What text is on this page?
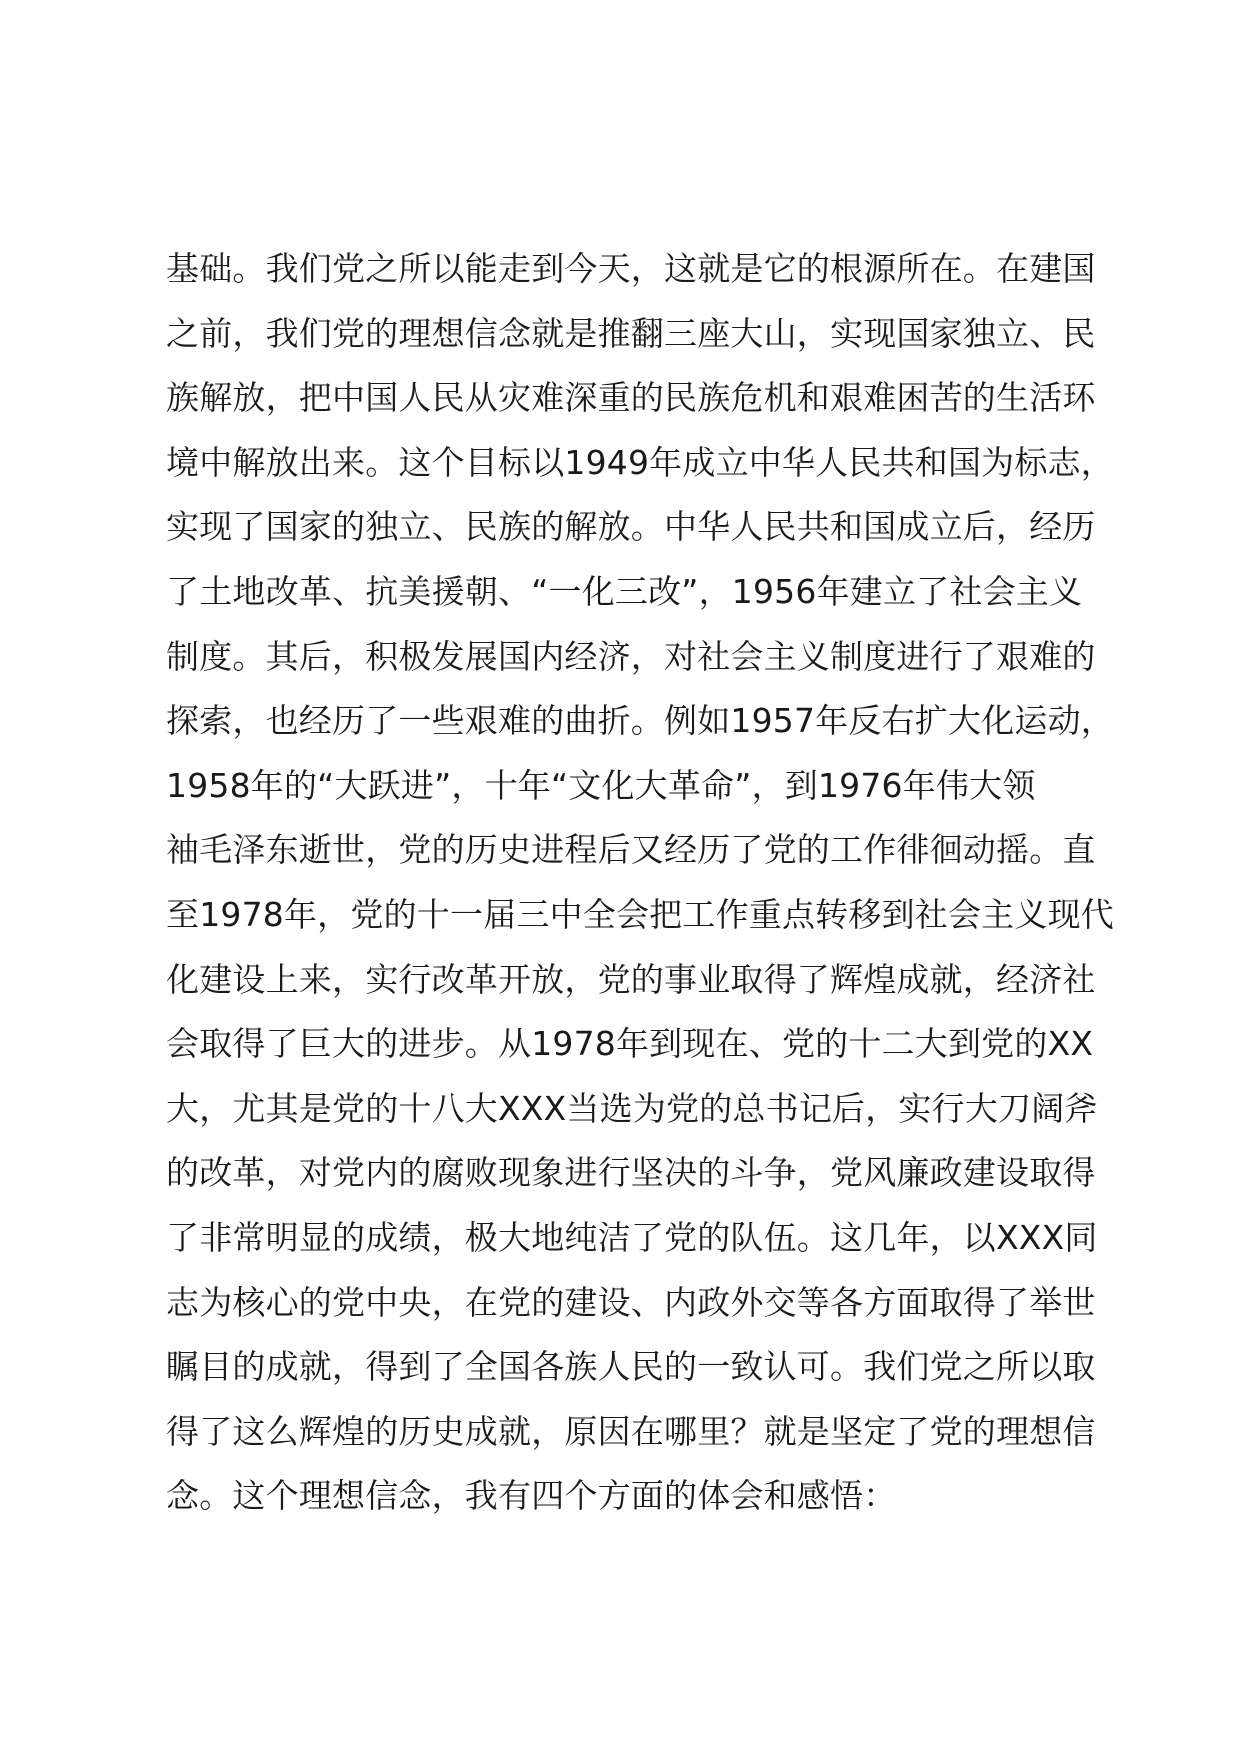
基础。我们党之所以能走到今天，这就是它的根源所在。在建国
之前，我们党的理想信念就是推翻三座大山，实现国家独立、民
族解放，把中国人民从灾难深重的民族危机和艰难困苦的生活环
境中解放出来。这个目标以1949年成立中华人民共和国为标志，
实现了国家的独立、民族的解放。中华人民共和国成立后，经历
了土地改革、抗美援朝、“一化三改”，1956年建立了社会主义
制度。其后，积极发展国内经济，对社会主义制度进行了艰难的
探索，也经历了一些艰难的曲折。例如1957年反右扩大化运动，
1958年的“大跃进”，十年“文化大革命”，到1976年伟大领
袖毛泽东逝世，党的历史进程后又经历了党的工作徘徊动摇。直
至1978年，党的十一届三中全会把工作重点转移到社会主义现代
化建设上来，实行改革开放，党的事业取得了辉煌成就，经济社
会取得了巨大的进步。从1978年到现在、党的十二大到党的XX
大，尤其是党的十八大XXX当选为党的总书记后，实行大刀阔斧
的改革，对党内的腐败现象进行坚决的斗争，党风廉政建设取得
了非常明显的成绩，极大地纯洁了党的队伍。这几年，以XXX同
志为核心的党中央，在党的建设、内政外交等各方面取得了举世
瞩目的成就，得到了全国各族人民的一致认可。我们党之所以取
得了这么辉煌的历史成就，原因在哪里？就是坚定了党的理想信
念。这个理想信念，我有四个方面的体会和感悟：
